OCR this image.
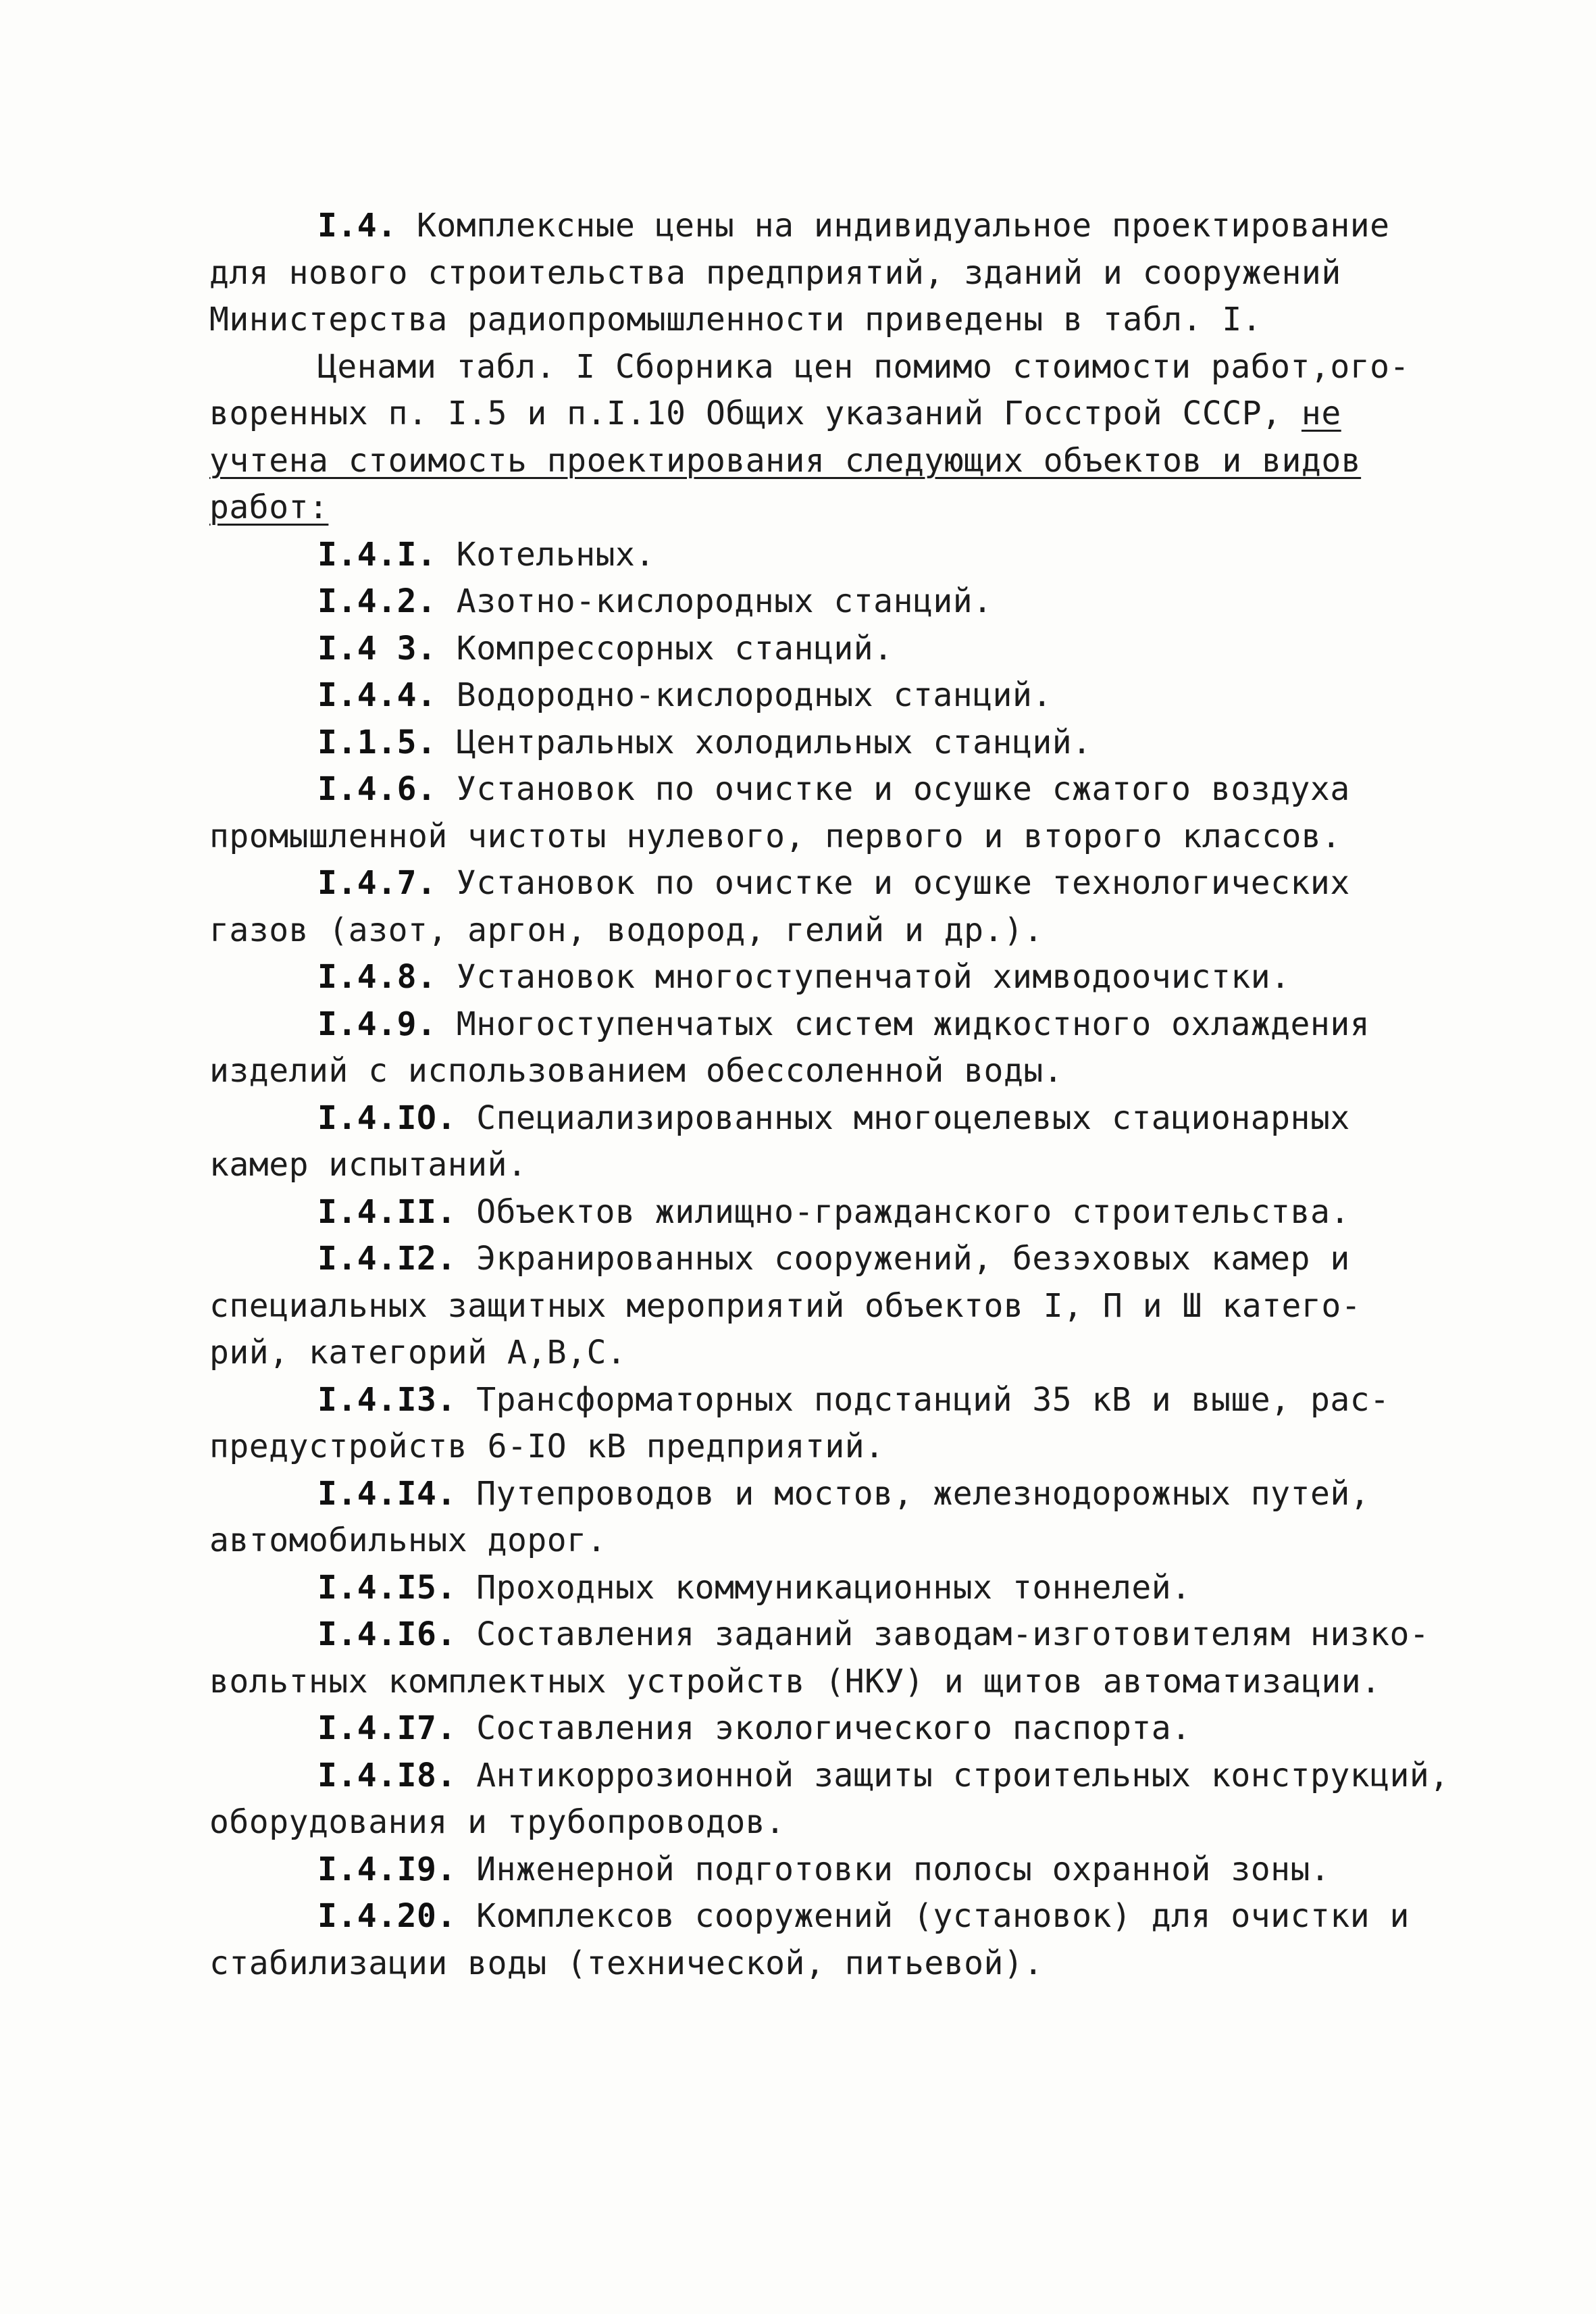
I.4. Комплексные цены на индивидуальное проектирование
для нового строительства предприятий, зданий и сооружений
Министерства радиопромышленности приведены в табл. I.
Ценами табл. I Сборника цен помимо стоимости работ,ого-
воренных п. I.5 и п.I.10 Общих указаний Госстрой СССР, не
учтена стоимость проектирования следующих объектов и видов
работ:
I.4.I. Котельных.
I.4.2. Азотно-кислородных станций.
I.4 3. Компрессорных станций.
I.4.4. Водородно-кислородных станций.
I.1.5. Центральных холодильных станций.
I.4.6. Установок по очистке и осушке сжатого воздуха
промышленной чистоты нулевого, первого и второго классов.
I.4.7. Установок по очистке и осушке технологических
газов (азот, аргон, водород, гелий и др.).
I.4.8. Установок многоступенчатой химводоочистки.
I.4.9. Многоступенчатых систем жидкостного охлаждения
изделий с использованием обессоленной воды.
I.4.IO. Специализированных многоцелевых стационарных
камер испытаний.
I.4.II. Объектов жилищно-гражданского строительства.
I.4.I2. Экранированных сооружений, безэховых камер и
специальных защитных мероприятий объектов I, П и Ш катего-
рий, категорий А,В,С.
I.4.I3. Трансформаторных подстанций 35 кВ и выше, рас-
предустройств 6-IO кВ предприятий.
I.4.I4. Путепроводов и мостов, железнодорожных путей,
автомобильных дорог.
I.4.I5. Проходных коммуникационных тоннелей.
I.4.I6. Составления заданий заводам-изготовителям низко-
вольтных комплектных устройств (НКУ) и щитов автоматизации.
I.4.I7. Составления экологического паспорта.
I.4.I8. Антикоррозионной защиты строительных конструкций,
оборудования и трубопроводов.
I.4.I9. Инженерной подготовки полосы охранной зоны.
I.4.20. Комплексов сооружений (установок) для очистки и
стабилизации воды (технической, питьевой).
